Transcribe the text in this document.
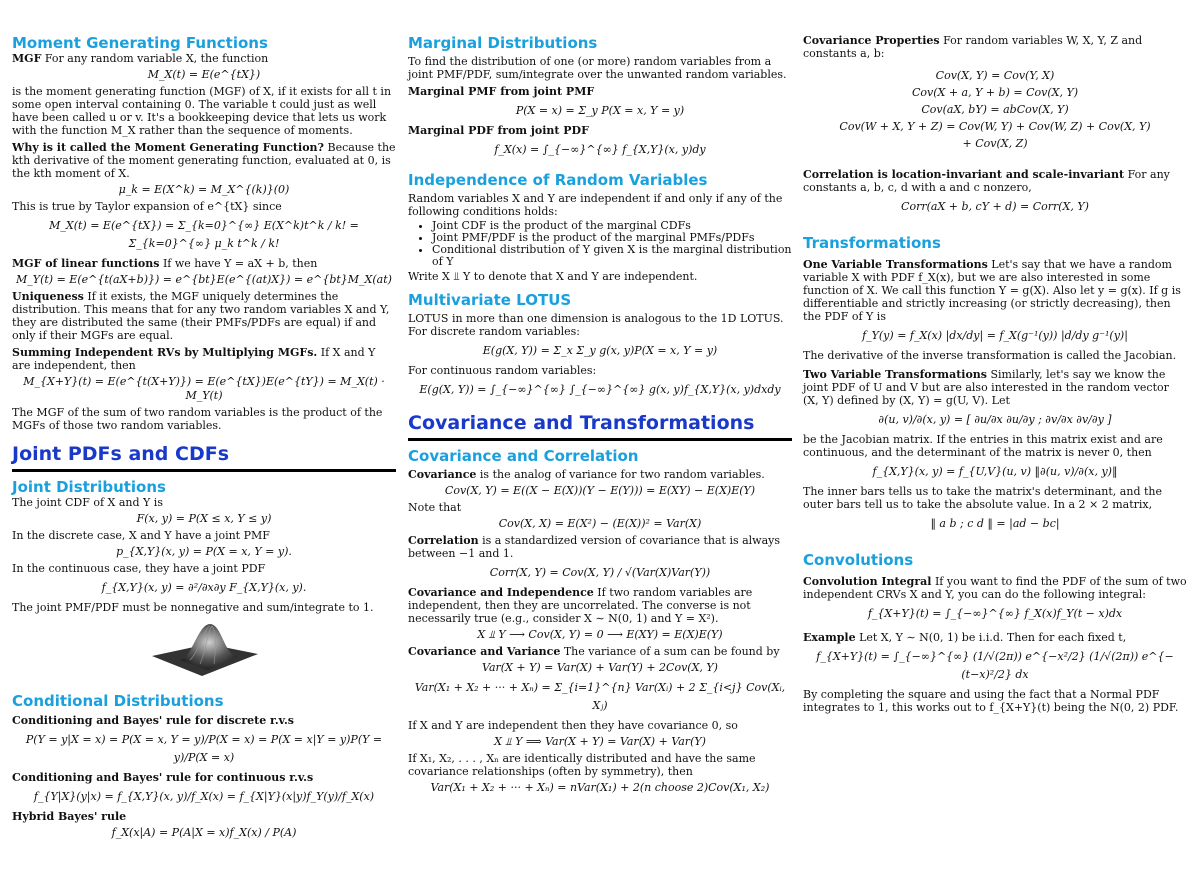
Moment Generating Functions

MGF For any random variable X, the function

M_X(t) = E(e^{tX})

is the moment generating function (MGF) of X, if it exists for all t in some open interval containing 0. The variable t could just as well have been called u or v. It's a bookkeeping device that lets us work with the function M_X rather than the sequence of moments.

Why is it called the Moment Generating Function? Because the kth derivative of the moment generating function, evaluated at 0, is the kth moment of X.

μ_k = E(X^k) = M_X^{(k)}(0)

This is true by Taylor expansion of e^{tX} since

M_X(t) = E(e^{tX}) = Σ_{k=0}^{∞} E(X^k)t^k / k! = Σ_{k=0}^{∞} μ_k t^k / k!

MGF of linear functions If we have Y = aX + b, then

M_Y(t) = E(e^{t(aX+b)}) = e^{bt}E(e^{(at)X}) = e^{bt}M_X(at)

Uniqueness If it exists, the MGF uniquely determines the distribution. This means that for any two random variables X and Y, they are distributed the same (their PMFs/PDFs are equal) if and only if their MGFs are equal.

Summing Independent RVs by Multiplying MGFs. If X and Y are independent, then

M_{X+Y}(t) = E(e^{t(X+Y)}) = E(e^{tX})E(e^{tY}) = M_X(t) · M_Y(t)

The MGF of the sum of two random variables is the product of the MGFs of those two random variables.

Joint PDFs and CDFs
Joint Distributions

The joint CDF of X and Y is

F(x, y) = P(X ≤ x, Y ≤ y)

In the discrete case, X and Y have a joint PMF

p_{X,Y}(x, y) = P(X = x, Y = y).

In the continuous case, they have a joint PDF

f_{X,Y}(x, y) = ∂²/∂x∂y F_{X,Y}(x, y).

The joint PMF/PDF must be nonnegative and sum/integrate to 1.

Conditional Distributions

Conditioning and Bayes' rule for discrete r.v.s

P(Y = y|X = x) = P(X = x, Y = y)/P(X = x) = P(X = x|Y = y)P(Y = y)/P(X = x)

Conditioning and Bayes' rule for continuous r.v.s

f_{Y|X}(y|x) = f_{X,Y}(x, y)/f_X(x) = f_{X|Y}(x|y)f_Y(y)/f_X(x)

Hybrid Bayes' rule

f_X(x|A) = P(A|X = x)f_X(x) / P(A)
Marginal Distributions

To find the distribution of one (or more) random variables from a joint PMF/PDF, sum/integrate over the unwanted random variables.

Marginal PMF from joint PMF

P(X = x) = Σ_y P(X = x, Y = y)

Marginal PDF from joint PDF

f_X(x) = ∫_{−∞}^{∞} f_{X,Y}(x, y)dy
Independence of Random Variables

Random variables X and Y are independent if and only if any of the following conditions holds:

• Joint CDF is the product of the marginal CDFs
• Joint PMF/PDF is the product of the marginal PMFs/PDFs
• Conditional distribution of Y given X is the marginal distribution of Y

Write X ⫫ Y to denote that X and Y are independent.

Multivariate LOTUS

LOTUS in more than one dimension is analogous to the 1D LOTUS. For discrete random variables:

E(g(X, Y)) = Σ_x Σ_y g(x, y)P(X = x, Y = y)

For continuous random variables:

E(g(X, Y)) = ∫_{−∞}^{∞} ∫_{−∞}^{∞} g(x, y)f_{X,Y}(x, y)dxdy
Covariance and Transformations
Covariance and Correlation

Covariance is the analog of variance for two random variables.

Cov(X, Y) = E((X − E(X))(Y − E(Y))) = E(XY) − E(X)E(Y)

Note that

Cov(X, X) = E(X²) − (E(X))² = Var(X)

Correlation is a standardized version of covariance that is always between −1 and 1.

Corr(X, Y) = Cov(X, Y) / √(Var(X)Var(Y))

Covariance and Independence If two random variables are independent, then they are uncorrelated. The converse is not necessarily true (e.g., consider X ∼ N(0, 1) and Y = X²).

X ⫫ Y ⟶ Cov(X, Y) = 0 ⟶ E(XY) = E(X)E(Y)

Covariance and Variance The variance of a sum can be found by

Var(X + Y) = Var(X) + Var(Y) + 2Cov(X, Y)
Var(X₁ + X₂ + ··· + Xₙ) = Σ_{i=1}^{n} Var(Xᵢ) + 2 Σ_{i<j} Cov(Xᵢ, Xⱼ)

If X and Y are independent then they have covariance 0, so

X ⫫ Y ⟹ Var(X + Y) = Var(X) + Var(Y)

If X₁, X₂, . . . , Xₙ are identically distributed and have the same covariance relationships (often by symmetry), then

Var(X₁ + X₂ + ··· + Xₙ) = nVar(X₁) + 2(n choose 2)Cov(X₁, X₂)

Covariance Properties For random variables W, X, Y, Z and constants a, b:

Cov(X, Y) = Cov(Y, X)
Cov(X + a, Y + b) = Cov(X, Y)
Cov(aX, bY) = abCov(X, Y)
Cov(W + X, Y + Z) = Cov(W, Y) + Cov(W, Z) + Cov(X, Y)
+ Cov(X, Z)

Correlation is location-invariant and scale-invariant For any constants a, b, c, d with a and c nonzero,

Corr(aX + b, cY + d) = Corr(X, Y)
Transformations

One Variable Transformations Let's say that we have a random variable X with PDF f_X(x), but we are also interested in some function of X. We call this function Y = g(X). Also let y = g(x). If g is differentiable and strictly increasing (or strictly decreasing), then the PDF of Y is

f_Y(y) = f_X(x) |dx/dy| = f_X(g⁻¹(y)) |d/dy g⁻¹(y)|

The derivative of the inverse transformation is called the Jacobian.

Two Variable Transformations Similarly, let's say we know the joint PDF of U and V but are also interested in the random vector (X, Y) defined by (X, Y) = g(U, V). Let

∂(u, v)/∂(x, y) = [ ∂u/∂x ∂u/∂y ; ∂v/∂x ∂v/∂y ]

be the Jacobian matrix. If the entries in this matrix exist and are continuous, and the determinant of the matrix is never 0, then

f_{X,Y}(x, y) = f_{U,V}(u, v) ‖∂(u, v)/∂(x, y)‖

The inner bars tells us to take the matrix's determinant, and the outer bars tell us to take the absolute value. In a 2 × 2 matrix,

‖ a b ; c d ‖ = |ad − bc|
Convolutions

Convolution Integral If you want to find the PDF of the sum of two independent CRVs X and Y, you can do the following integral:

f_{X+Y}(t) = ∫_{−∞}^{∞} f_X(x)f_Y(t − x)dx

Example Let X, Y ∼ N(0, 1) be i.i.d. Then for each fixed t,

f_{X+Y}(t) = ∫_{−∞}^{∞} (1/√(2π)) e^{−x²/2} (1/√(2π)) e^{−(t−x)²/2} dx

By completing the square and using the fact that a Normal PDF integrates to 1, this works out to f_{X+Y}(t) being the N(0, 2) PDF.
